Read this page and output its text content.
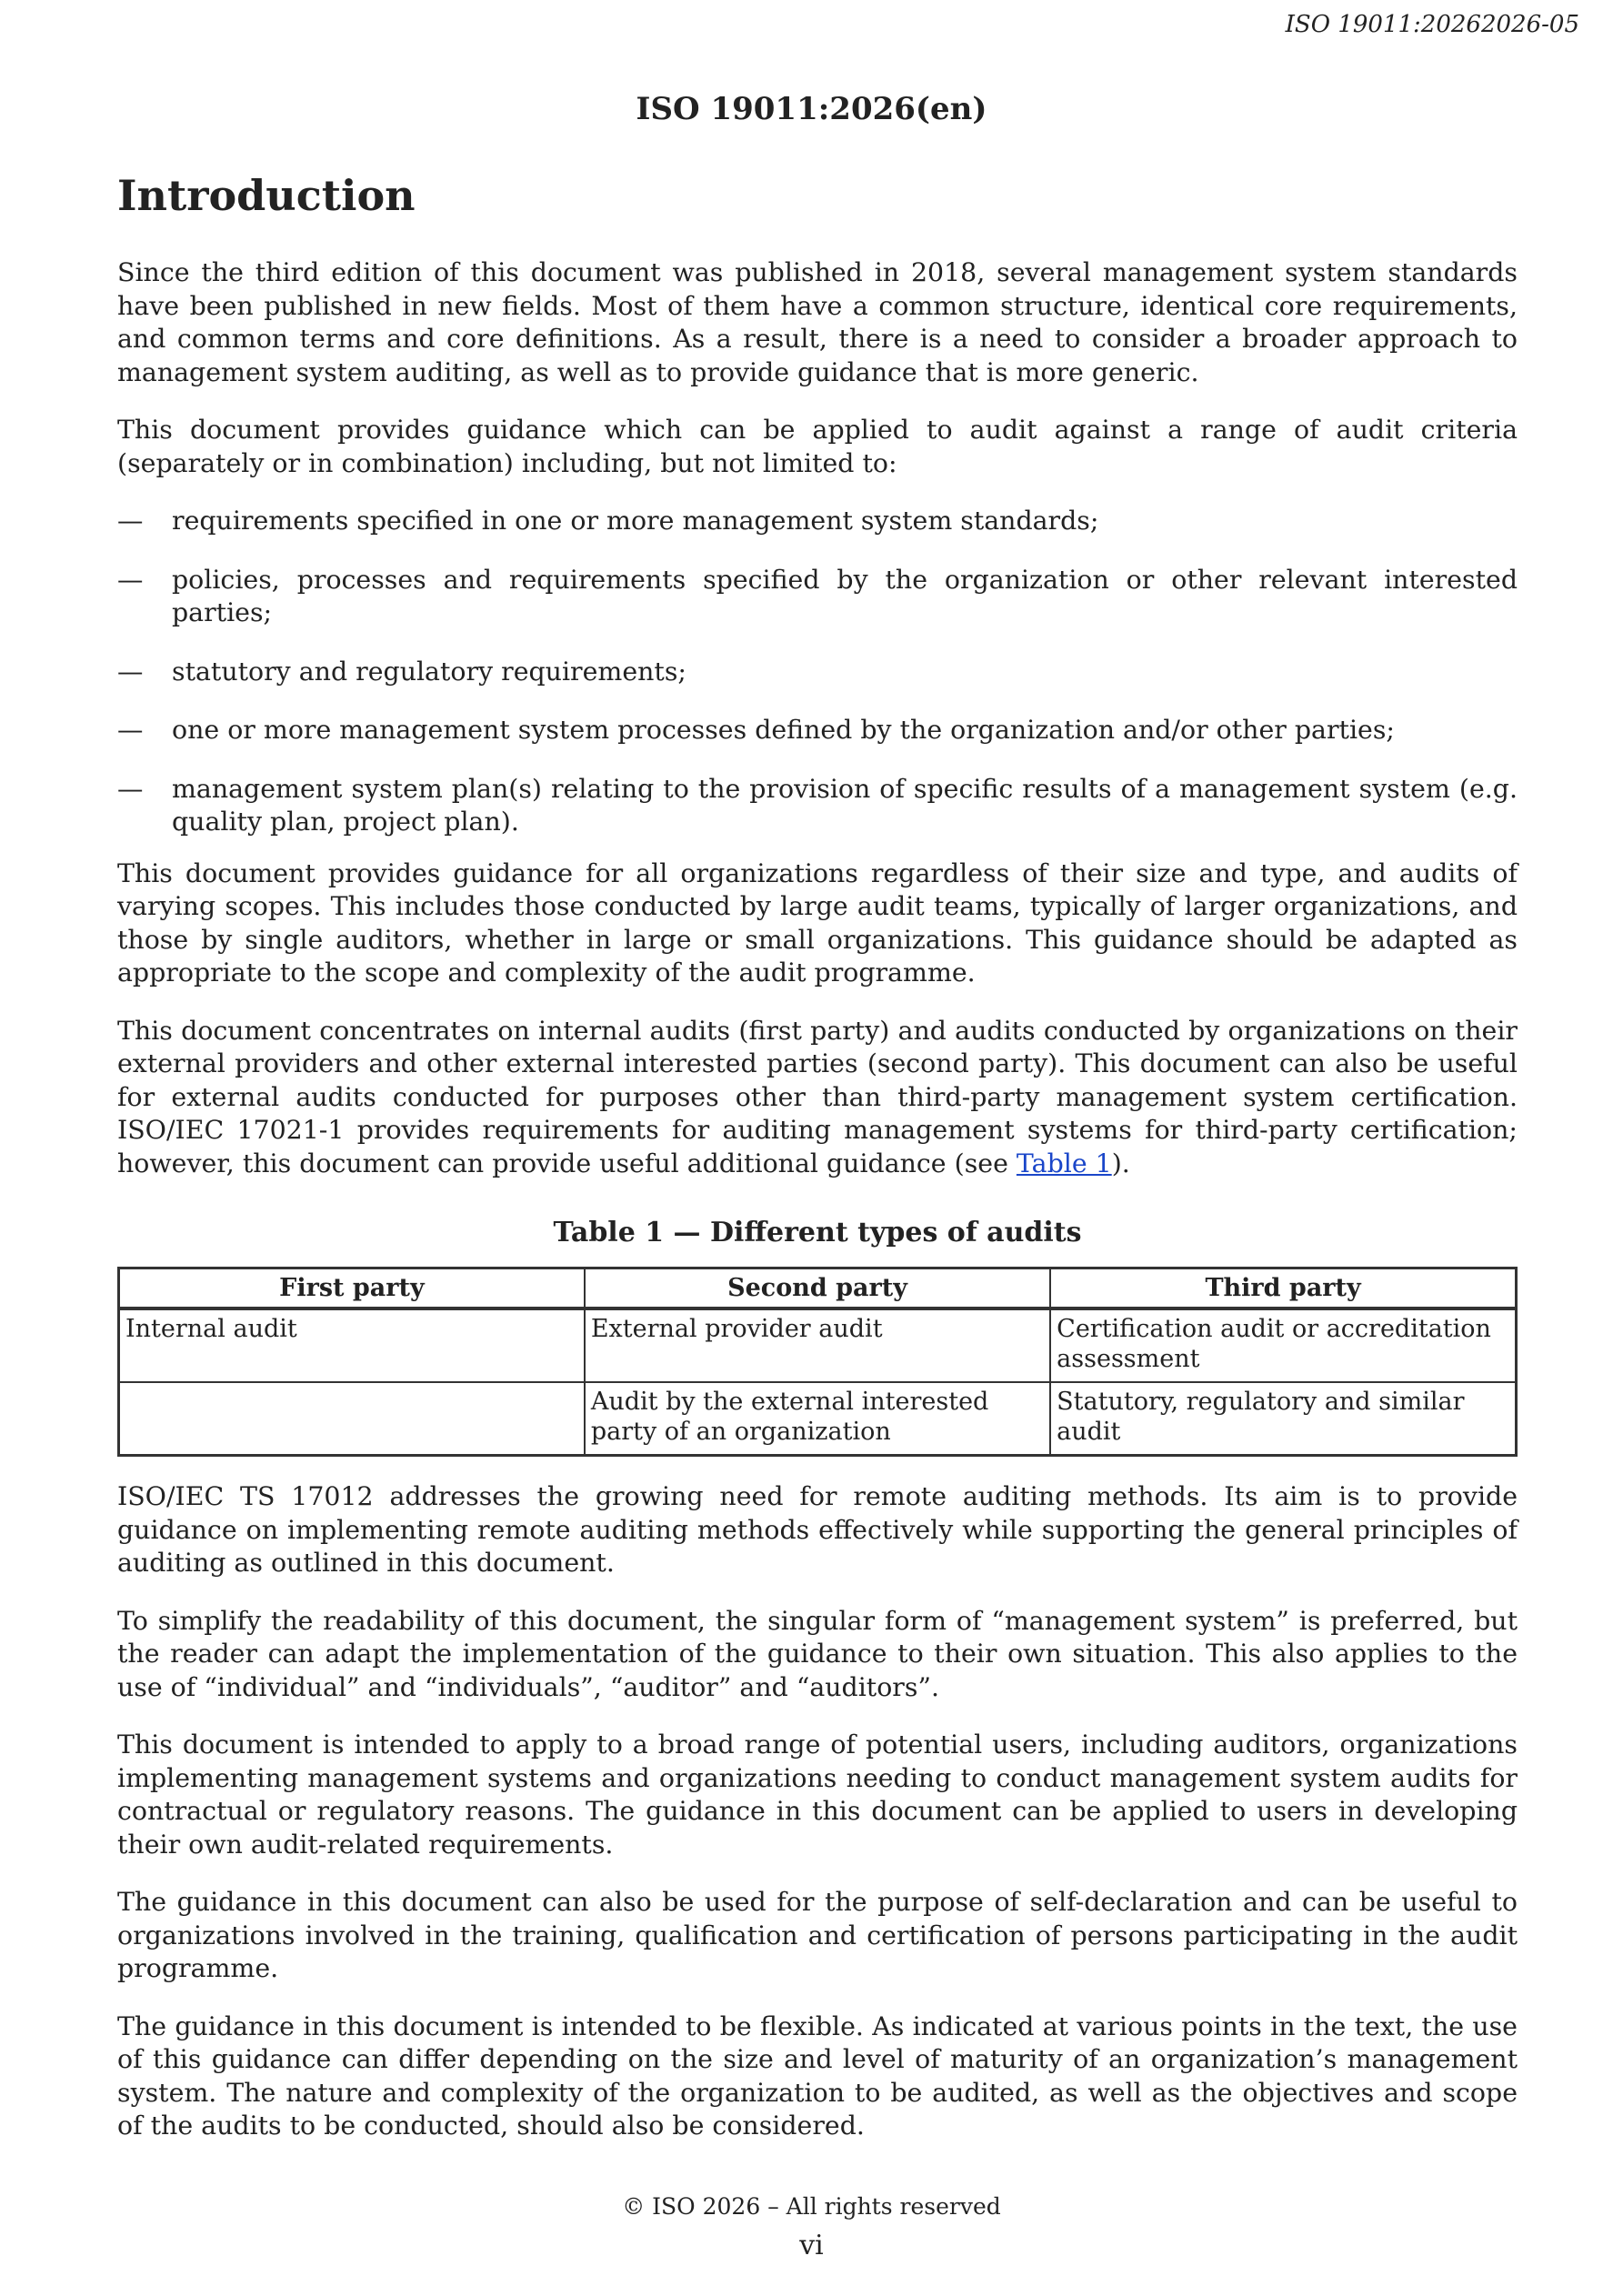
ISO 19011:20262026-05
ISO 19011:2026(en)
Introduction

Since the third edition of this document was published in 2018, several management system standards have been published in new fields. Most of them have a common structure, identical core requirements, and common terms and core definitions. As a result, there is a need to consider a broader approach to management system auditing, as well as to provide guidance that is more generic.

This document provides guidance which can be applied to audit against a range of audit criteria (separately or in combination) including, but not limited to:

— requirements specified in one or more management system standards;
— policies, processes and requirements specified by the organization or other relevant interested parties;
— statutory and regulatory requirements;
— one or more management system processes defined by the organization and/or other parties;
— management system plan(s) relating to the provision of specific results of a management system (e.g. quality plan, project plan).

This document provides guidance for all organizations regardless of their size and type, and audits of varying scopes. This includes those conducted by large audit teams, typically of larger organizations, and those by single auditors, whether in large or small organizations. This guidance should be adapted as appropriate to the scope and complexity of the audit programme.

This document concentrates on internal audits (first party) and audits conducted by organizations on their external providers and other external interested parties (second party). This document can also be useful for external audits conducted for purposes other than third-party management system certification. ISO/IEC 17021-1 provides requirements for auditing management systems for third-party certification; however, this document can provide useful additional guidance (see Table 1).

Table 1 — Different types of audits
First party	Second party	Third party
Internal audit	External provider audit	Certification audit or accreditation assessment
	Audit by the external interested party of an organization	Statutory, regulatory and similar audit

ISO/IEC TS 17012 addresses the growing need for remote auditing methods. Its aim is to provide guidance on implementing remote auditing methods effectively while supporting the general principles of auditing as outlined in this document.

To simplify the readability of this document, the singular form of “management system” is preferred, but the reader can adapt the implementation of the guidance to their own situation. This also applies to the use of “individual” and “individuals”, “auditor” and “auditors”.

This document is intended to apply to a broad range of potential users, including auditors, organizations implementing management systems and organizations needing to conduct management system audits for contractual or regulatory reasons. The guidance in this document can be applied to users in developing their own audit-related requirements.

The guidance in this document can also be used for the purpose of self-declaration and can be useful to organizations involved in the training, qualification and certification of persons participating in the audit programme.

The guidance in this document is intended to be flexible. As indicated at various points in the text, the use of this guidance can differ depending on the size and level of maturity of an organization’s management system. The nature and complexity of the organization to be audited, as well as the objectives and scope of the audits to be conducted, should also be considered.

© ISO 2026 – All rights reserved
vi
